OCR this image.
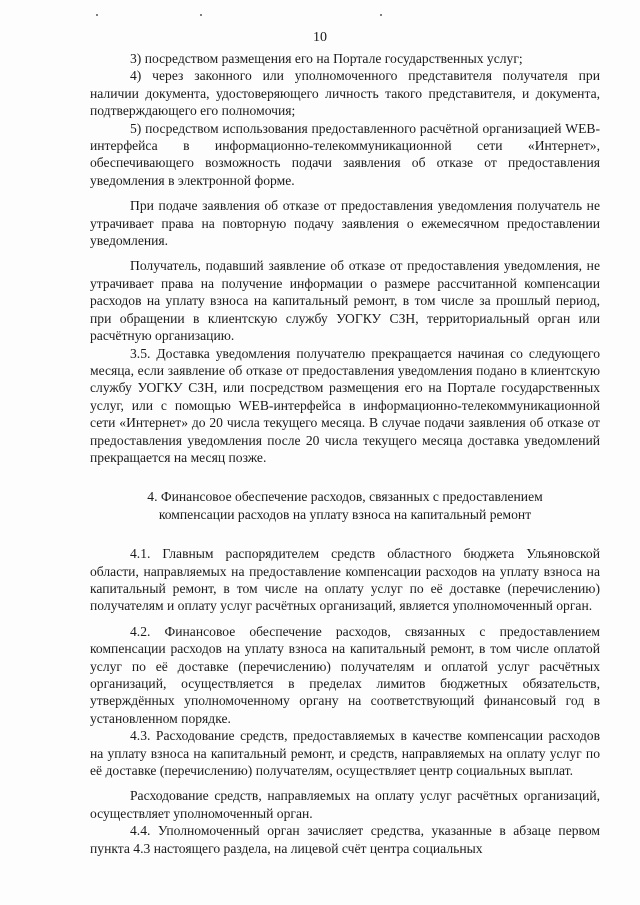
10

3) посредством размещения его на Портале государственных услуг;

4) через законного или уполномоченного представителя получателя при наличии документа, удостоверяющего личность такого представителя, и документа, подтверждающего его полномочия;

5) посредством использования предоставленного расчётной организацией WEB-интерфейса в информационно-телекоммуникационной сети «Интернет», обеспечивающего возможность подачи заявления об отказе от предоставления уведомления в электронной форме.

При подаче заявления об отказе от предоставления уведомления получатель не утрачивает права на повторную подачу заявления о ежемесячном предоставлении уведомления.

Получатель, подавший заявление об отказе от предоставления уведомления, не утрачивает права на получение информации о размере рассчитанной компенсации расходов на уплату взноса на капитальный ремонт, в том числе за прошлый период, при обращении в клиентскую службу УОГКУ СЗН, территориальный орган или расчётную организацию.

3.5. Доставка уведомления получателю прекращается начиная со следующего месяца, если заявление об отказе от предоставления уведомления подано в клиентскую службу УОГКУ СЗН, или посредством размещения его на Портале государственных услуг, или с помощью WEB-интерфейса в информационно-телекоммуникационной сети «Интернет» до 20 числа текущего месяца. В случае подачи заявления об отказе от предоставления уведомления после 20 числа текущего месяца доставка уведомлений прекращается на месяц позже.

4. Финансовое обеспечение расходов, связанных с предоставлением
компенсации расходов на уплату взноса на капитальный ремонт

4.1. Главным распорядителем средств областного бюджета Ульяновской области, направляемых на предоставление компенсации расходов на уплату взноса на капитальный ремонт, в том числе на оплату услуг по её доставке (перечислению) получателям и оплату услуг расчётных организаций, является уполномоченный орган.

4.2. Финансовое обеспечение расходов, связанных с предоставлением компенсации расходов на уплату взноса на капитальный ремонт, в том числе оплатой услуг по её доставке (перечислению) получателям и оплатой услуг расчётных организаций, осуществляется в пределах лимитов бюджетных обязательств, утверждённых уполномоченному органу на соответствующий финансовый год в установленном порядке.

4.3. Расходование средств, предоставляемых в качестве компенсации расходов на уплату взноса на капитальный ремонт, и средств, направляемых на оплату услуг по её доставке (перечислению) получателям, осуществляет центр социальных выплат.

Расходование средств, направляемых на оплату услуг расчётных организаций, осуществляет уполномоченный орган.

4.4. Уполномоченный орган зачисляет средства, указанные в абзаце первом пункта 4.3 настоящего раздела, на лицевой счёт центра социальных
